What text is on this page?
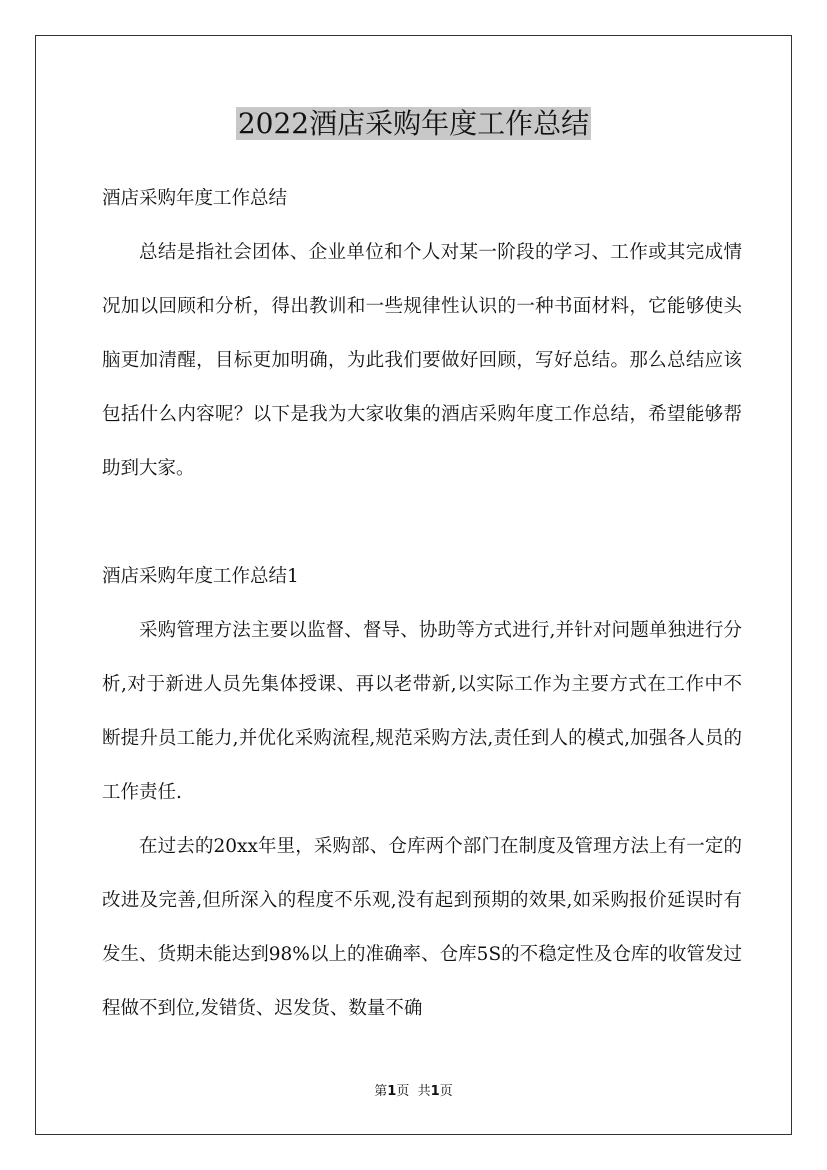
2022酒店采购年度工作总结

酒店采购年度工作总结

总结是指社会团体、企业单位和个人对某一阶段的学习、工作或其完成情况加以回顾和分析，得出教训和一些规律性认识的一种书面材料，它能够使头脑更加清醒，目标更加明确，为此我们要做好回顾，写好总结。那么总结应该包括什么内容呢？以下是我为大家收集的酒店采购年度工作总结，希望能够帮助到大家。

酒店采购年度工作总结1

采购管理方法主要以监督、督导、协助等方式进行,并针对问题单独进行分析,对于新进人员先集体授课、再以老带新,以实际工作为主要方式在工作中不断提升员工能力,并优化采购流程,规范采购方法,责任到人的模式,加强各人员的工作责任.

在过去的20xx年里，采购部、仓库两个部门在制度及管理方法上有一定的改进及完善,但所深入的程度不乐观,没有起到预期的效果,如采购报价延误时有发生、货期未能达到98%以上的准确率、仓库5S的不稳定性及仓库的收管发过程做不到位,发错货、迟发货、数量不确

第1页 共1页
